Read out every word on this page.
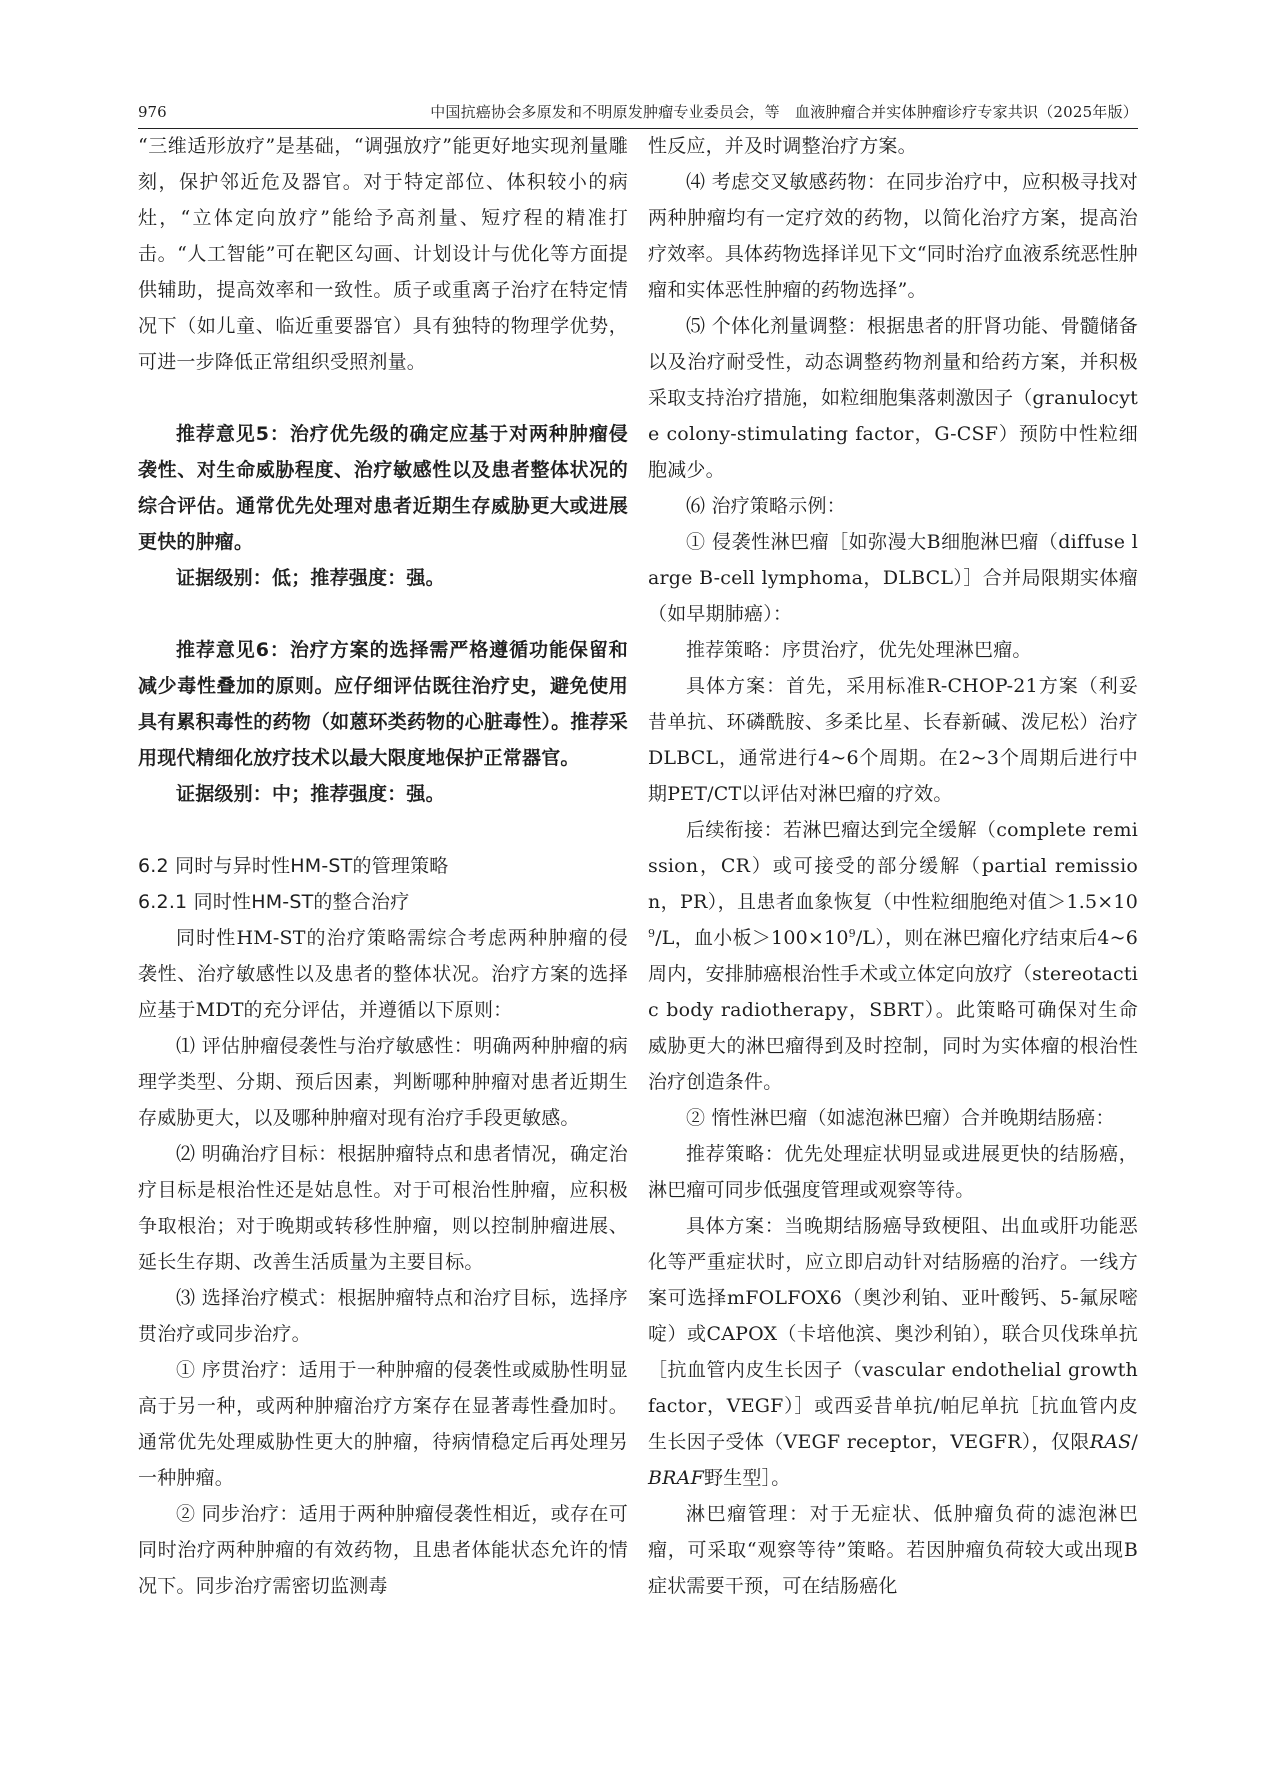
976	中国抗癌协会多原发和不明原发肿瘤专业委员会，等　血液肿瘤合并实体肿瘤诊疗专家共识（2025年版）

“三维适形放疗”是基础，“调强放疗”能更好地实现剂量雕刻，保护邻近危及器官。对于特定部位、体积较小的病灶，“立体定向放疗”能给予高剂量、短疗程的精准打击。“人工智能”可在靶区勾画、计划设计与优化等方面提供辅助，提高效率和一致性。质子或重离子治疗在特定情况下（如儿童、临近重要器官）具有独特的物理学优势，可进一步降低正常组织受照剂量。

推荐意见5：治疗优先级的确定应基于对两种肿瘤侵袭性、对生命威胁程度、治疗敏感性以及患者整体状况的综合评估。通常优先处理对患者近期生存威胁更大或进展更快的肿瘤。

证据级别：低；推荐强度：强。

推荐意见6：治疗方案的选择需严格遵循功能保留和减少毒性叠加的原则。应仔细评估既往治疗史，避免使用具有累积毒性的药物（如蒽环类药物的心脏毒性）。推荐采用现代精细化放疗技术以最大限度地保护正常器官。

证据级别：中；推荐强度：强。

6.2 同时与异时性HM-ST的管理策略

6.2.1 同时性HM-ST的整合治疗

同时性HM-ST的治疗策略需综合考虑两种肿瘤的侵袭性、治疗敏感性以及患者的整体状况。治疗方案的选择应基于MDT的充分评估，并遵循以下原则：

⑴ 评估肿瘤侵袭性与治疗敏感性：明确两种肿瘤的病理学类型、分期、预后因素，判断哪种肿瘤对患者近期生存威胁更大，以及哪种肿瘤对现有治疗手段更敏感。

⑵ 明确治疗目标：根据肿瘤特点和患者情况，确定治疗目标是根治性还是姑息性。对于可根治性肿瘤，应积极争取根治；对于晚期或转移性肿瘤，则以控制肿瘤进展、延长生存期、改善生活质量为主要目标。

⑶ 选择治疗模式：根据肿瘤特点和治疗目标，选择序贯治疗或同步治疗。

① 序贯治疗：适用于一种肿瘤的侵袭性或威胁性明显高于另一种，或两种肿瘤治疗方案存在显著毒性叠加时。通常优先处理威胁性更大的肿瘤，待病情稳定后再处理另一种肿瘤。

② 同步治疗：适用于两种肿瘤侵袭性相近，或存在可同时治疗两种肿瘤的有效药物，且患者体能状态允许的情况下。同步治疗需密切监测毒

性反应，并及时调整治疗方案。

⑷ 考虑交叉敏感药物：在同步治疗中，应积极寻找对两种肿瘤均有一定疗效的药物，以简化治疗方案，提高治疗效率。具体药物选择详见下文“同时治疗血液系统恶性肿瘤和实体恶性肿瘤的药物选择”。

⑸ 个体化剂量调整：根据患者的肝肾功能、骨髓储备以及治疗耐受性，动态调整药物剂量和给药方案，并积极采取支持治疗措施，如粒细胞集落刺激因子（granulocyte colony-stimulating factor，G-CSF）预防中性粒细胞减少。

⑹ 治疗策略示例：

① 侵袭性淋巴瘤［如弥漫大B细胞淋巴瘤（diffuse large B-cell lymphoma，DLBCL）］合并局限期实体瘤（如早期肺癌）：

推荐策略：序贯治疗，优先处理淋巴瘤。

具体方案：首先，采用标准R-CHOP-21方案（利妥昔单抗、环磷酰胺、多柔比星、长春新碱、泼尼松）治疗DLBCL，通常进行4~6个周期。在2~3个周期后进行中期PET/CT以评估对淋巴瘤的疗效。

后续衔接：若淋巴瘤达到完全缓解（complete remission，CR）或可接受的部分缓解（partial remission，PR），且患者血象恢复（中性粒细胞绝对值$>1.5\times 10^9/L$，血小板$>100\times 10^9/L$），则在淋巴瘤化疗结束后4~6周内，安排肺癌根治性手术或立体定向放疗（stereotactic body radiotherapy，SBRT）。此策略可确保对生命威胁更大的淋巴瘤得到及时控制，同时为实体瘤的根治性治疗创造条件。

② 惰性淋巴瘤（如滤泡淋巴瘤）合并晚期结肠癌：

推荐策略：优先处理症状明显或进展更快的结肠癌，淋巴瘤可同步低强度管理或观察等待。

具体方案：当晚期结肠癌导致梗阻、出血或肝功能恶化等严重症状时，应立即启动针对结肠癌的治疗。一线方案可选择mFOLFOX6（奥沙利铂、亚叶酸钙、5-氟尿嘧啶）或CAPOX（卡培他滨、奥沙利铂），联合贝伐珠单抗［抗血管内皮生长因子（vascular endothelial growth factor，VEGF）］或西妥昔单抗/帕尼单抗［抗血管内皮生长因子受体（VEGF receptor，VEGFR），仅限RAS/BRAF野生型］。

淋巴瘤管理：对于无症状、低肿瘤负荷的滤泡淋巴瘤，可采取“观察等待”策略。若因肿瘤负荷较大或出现B症状需要干预，可在结肠癌化
